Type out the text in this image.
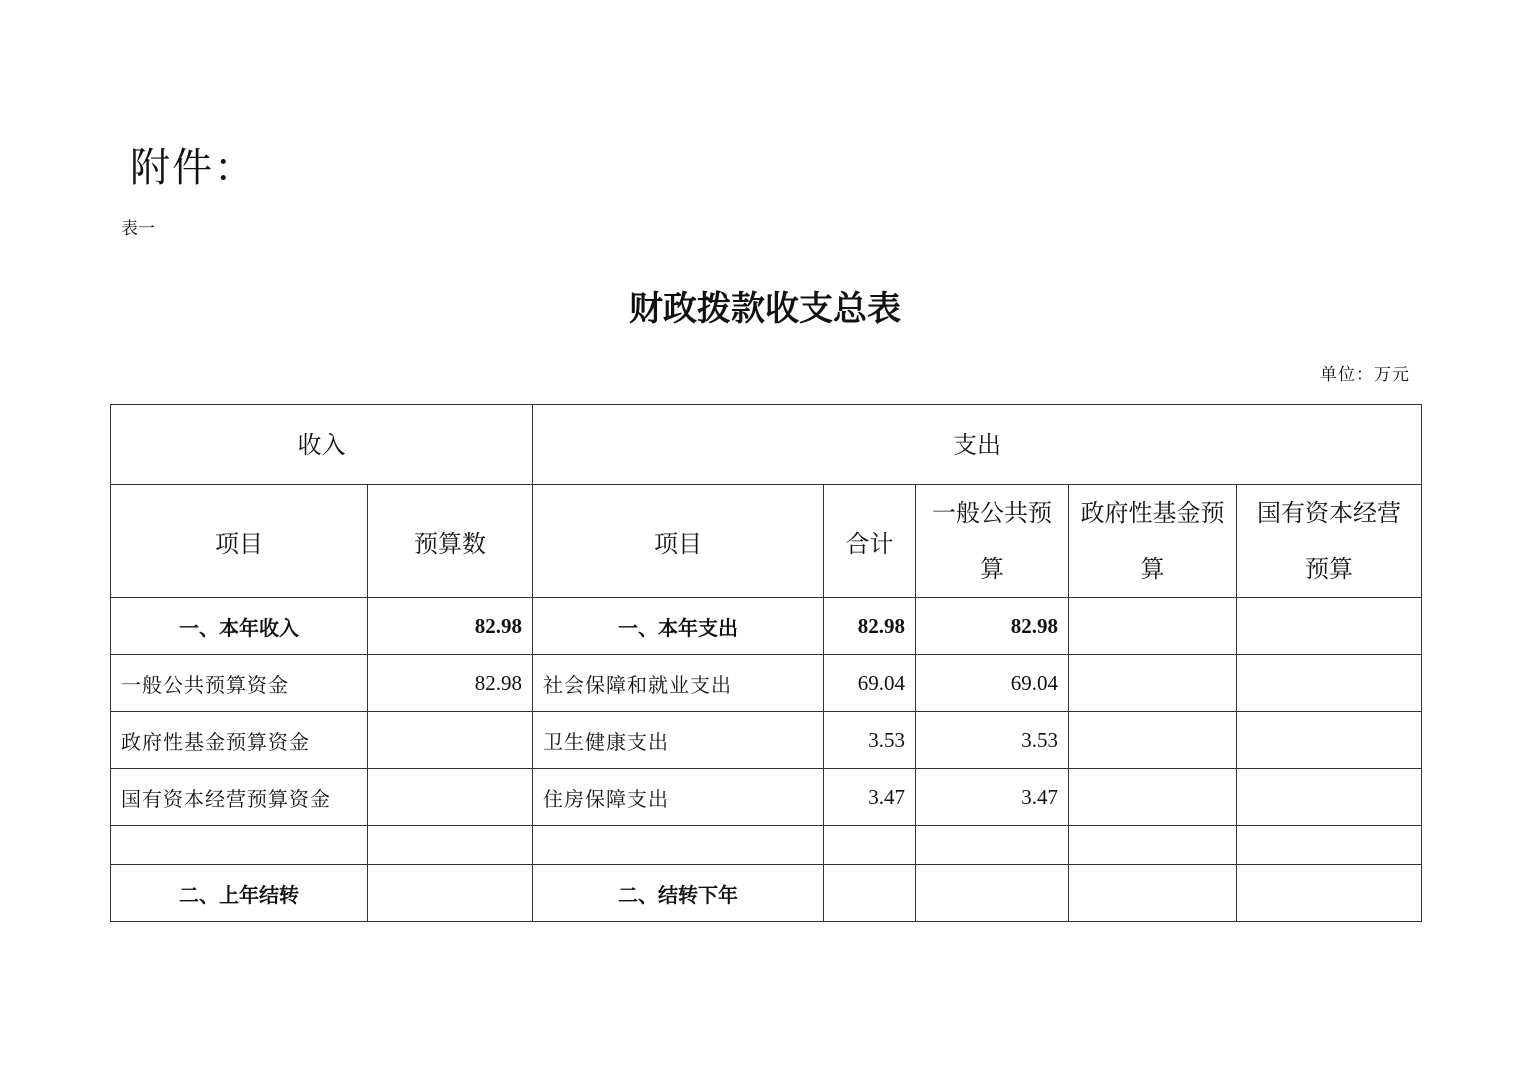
附件：
表一
财政拨款收支总表
单位：万元
收入		支出				
项目	预算数	项目	合计	一般公共预算	政府性基金预算	国有资本经营预算
一、本年收入	82.98	一、本年支出	82.98	82.98		
一般公共预算资金	82.98	社会保障和就业支出	69.04	69.04		
政府性基金预算资金		卫生健康支出	3.53	3.53		
国有资本经营预算资金		住房保障支出	3.47	3.47		

二、上年结转		二、结转下年				
